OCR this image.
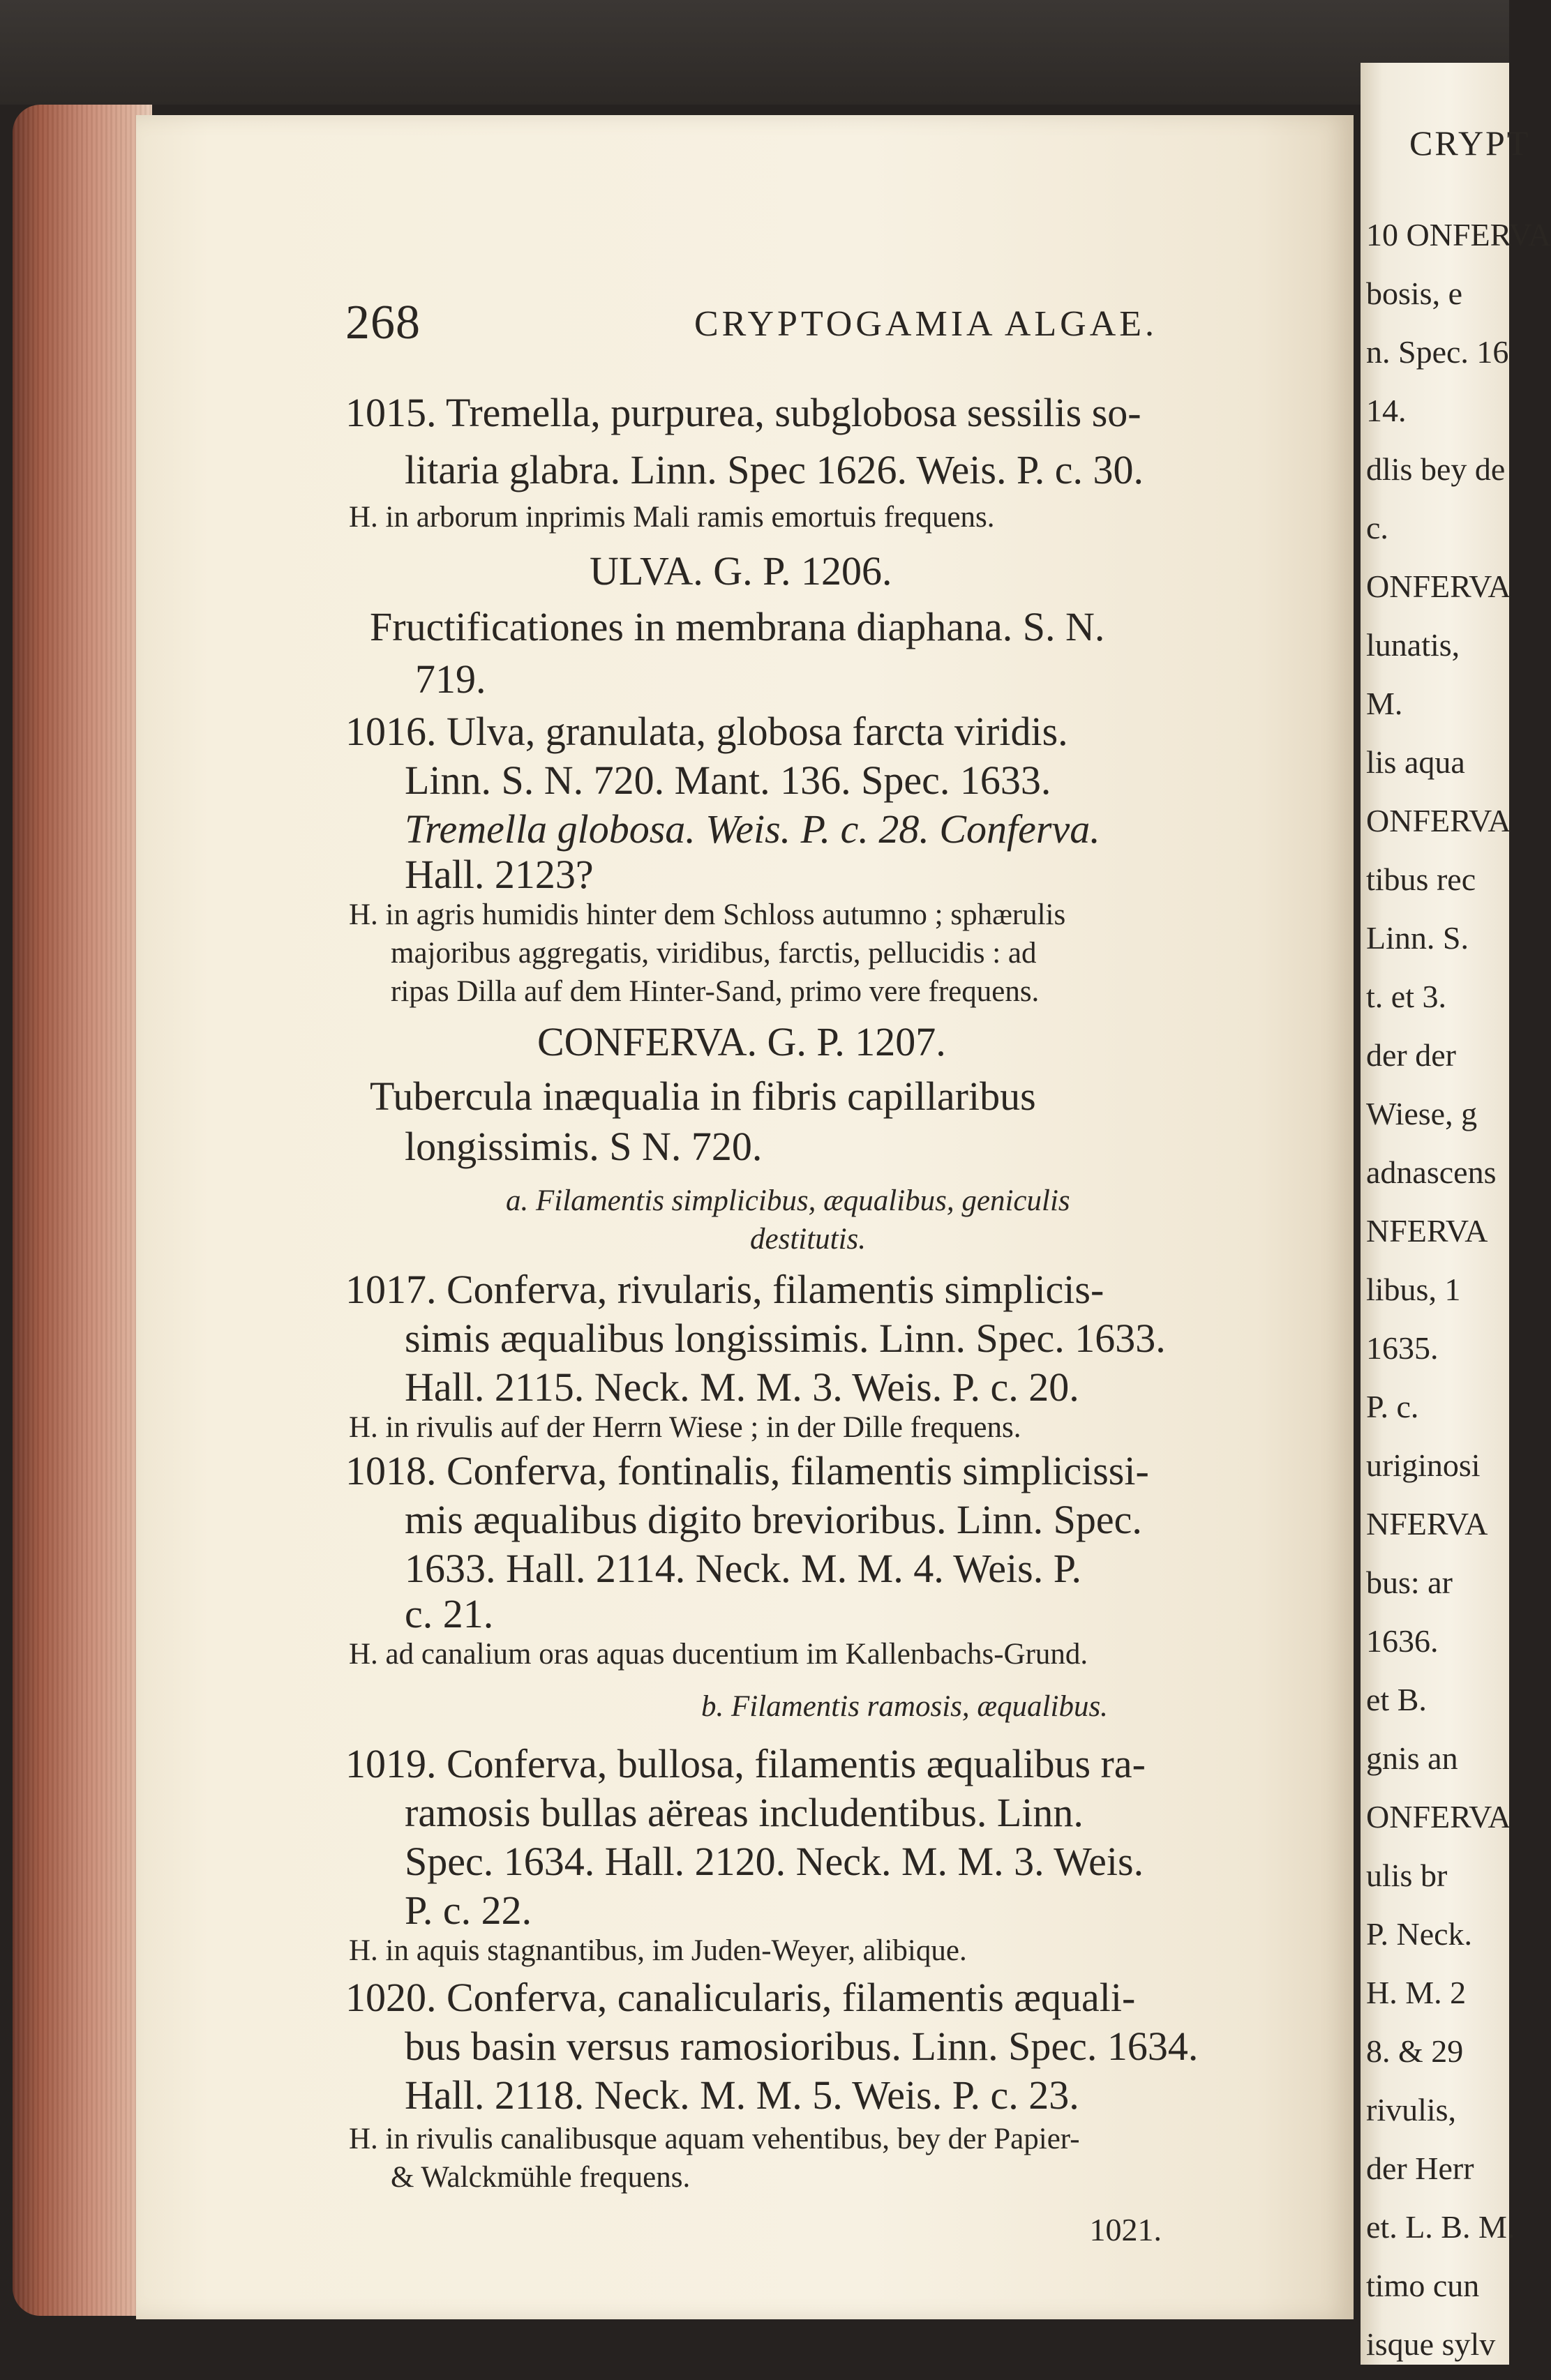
CRYPT
10 ONFERVA
bosis, e
n. Spec. 16
14.
dlis bey de
c.
ONFERVA
lunatis,
M.
lis aqua
ONFERVA
tibus rec
Linn. S.
t. et 3.
der der
Wiese, g
adnascens
NFERVA
libus, 1
1635.
P. c.
uriginosi
NFERVA
bus: ar
1636.
et B.
gnis an
ONFERVA
ulis br
P. Neck.
H. M. 2
8. & 29
rivulis,
der Herr
et. L. B. M.
timo cun
isque sylv
268	CRYPTOGAMIA ALGAE.
1015. Tremella, purpurea, subglobosa sessilis so-
litaria glabra. Linn. Spec 1626. Weis. P. c. 30.
H. in arborum inprimis Mali ramis emortuis frequens.
ULVA. G. P. 1206.
Fructificationes in membrana diaphana. S. N.
719.
1016. Ulva, granulata, globosa farcta viridis.
Linn. S. N. 720. Mant. 136. Spec. 1633.
Tremella globosa. Weis. P. c. 28. Conferva.
Hall. 2123?
H. in agris humidis hinter dem Schloss autumno ; sphærulis
majoribus aggregatis, viridibus, farctis, pellucidis : ad
ripas Dilla auf dem Hinter-Sand, primo vere frequens.
CONFERVA. G. P. 1207.
Tubercula inæqualia in fibris capillaribus
longissimis. S N. 720.
a. Filamentis simplicibus, æqualibus, geniculis
destitutis.
1017. Conferva, rivularis, filamentis simplicis-
simis æqualibus longissimis. Linn. Spec. 1633.
Hall. 2115. Neck. M. M. 3. Weis. P. c. 20.
H. in rivulis auf der Herrn Wiese ; in der Dille frequens.
1018. Conferva, fontinalis, filamentis simplicissi-
mis æqualibus digito brevioribus. Linn. Spec.
1633. Hall. 2114. Neck. M. M. 4. Weis. P.
c. 21.
H. ad canalium oras aquas ducentium im Kallenbachs-Grund.
b. Filamentis ramosis, æqualibus.
1019. Conferva, bullosa, filamentis æqualibus ra-
ramosis bullas aëreas includentibus. Linn.
Spec. 1634. Hall. 2120. Neck. M. M. 3. Weis.
P. c. 22.
H. in aquis stagnantibus, im Juden-Weyer, alibique.
1020. Conferva, canalicularis, filamentis æquali-
bus basin versus ramosioribus. Linn. Spec. 1634.
Hall. 2118. Neck. M. M. 5. Weis. P. c. 23.
H. in rivulis canalibusque aquam vehentibus, bey der Papier-
& Walckmühle frequens.
1021.
